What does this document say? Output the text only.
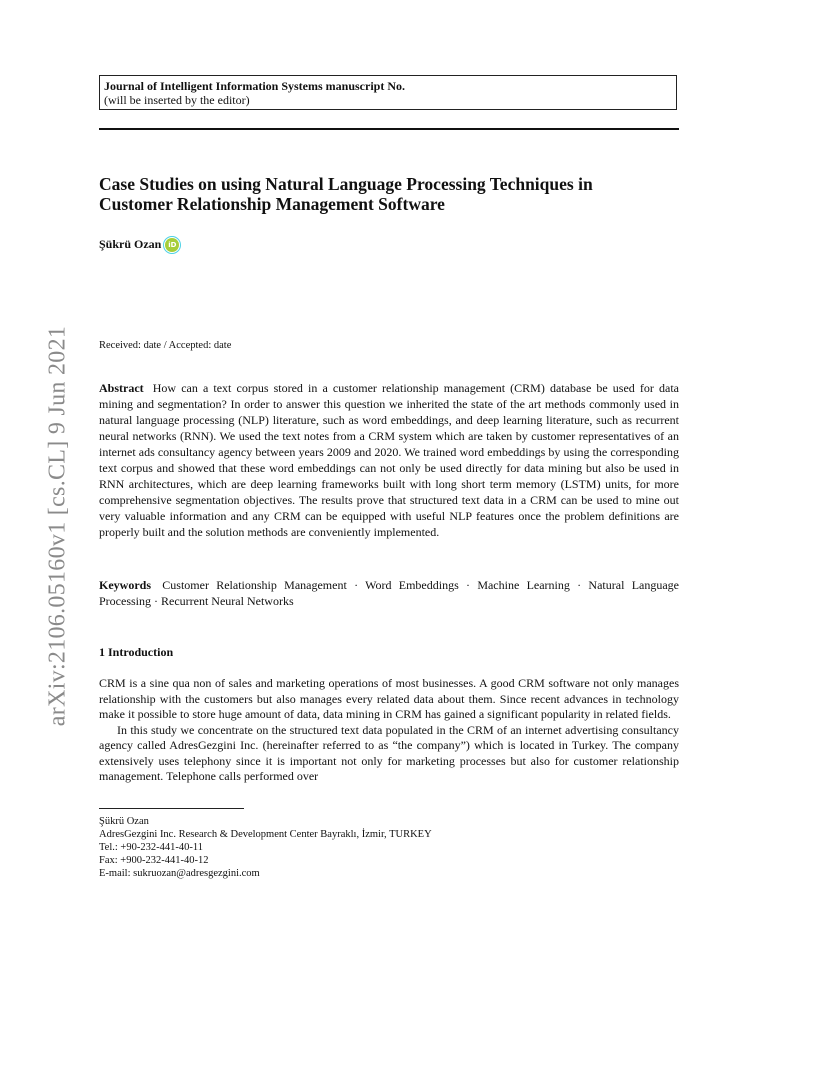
Journal of Intelligent Information Systems manuscript No.
(will be inserted by the editor)
Case Studies on using Natural Language Processing Techniques in
Customer Relationship Management Software
Şükrü Ozan iD
Received: date / Accepted: date

Abstract How can a text corpus stored in a customer relationship management (CRM) database be used for data mining and segmentation? In order to answer this question we inherited the state of the art methods commonly used in natural language processing (NLP) literature, such as word embeddings, and deep learning literature, such as recurrent neural networks (RNN). We used the text notes from a CRM system which are taken by customer representatives of an internet ads consultancy agency between years 2009 and 2020. We trained word embeddings by using the corresponding text corpus and showed that these word embeddings can not only be used directly for data mining but also be used in RNN architectures, which are deep learning frameworks built with long short term memory (LSTM) units, for more comprehensive segmentation objectives. The results prove that structured text data in a CRM can be used to mine out very valuable information and any CRM can be equipped with useful NLP features once the problem definitions are properly built and the solution methods are conveniently implemented.

Keywords Customer Relationship Management · Word Embeddings · Machine Learning · Natural Language Processing · Recurrent Neural Networks

1 Introduction

CRM is a sine qua non of sales and marketing operations of most businesses. A good CRM software not only manages relationship with the customers but also manages every related data about them. Since recent advances in technology make it possible to store huge amount of data, data mining in CRM has gained a significant popularity in related fields.

In this study we concentrate on the structured text data populated in the CRM of an internet advertising consultancy agency called AdresGezgini Inc. (hereinafter referred to as “the company”) which is located in Turkey. The company extensively uses telephony since it is important not only for marketing processes but also for customer relationship management. Telephone calls performed over

Şükrü Ozan
AdresGezgini Inc. Research & Development Center Bayraklı, İzmir, TURKEY
Tel.: +90-232-441-40-11
Fax: +900-232-441-40-12
E-mail: sukruozan@adresgezgini.com
arXiv:2106.05160v1 [cs.CL] 9 Jun 2021
